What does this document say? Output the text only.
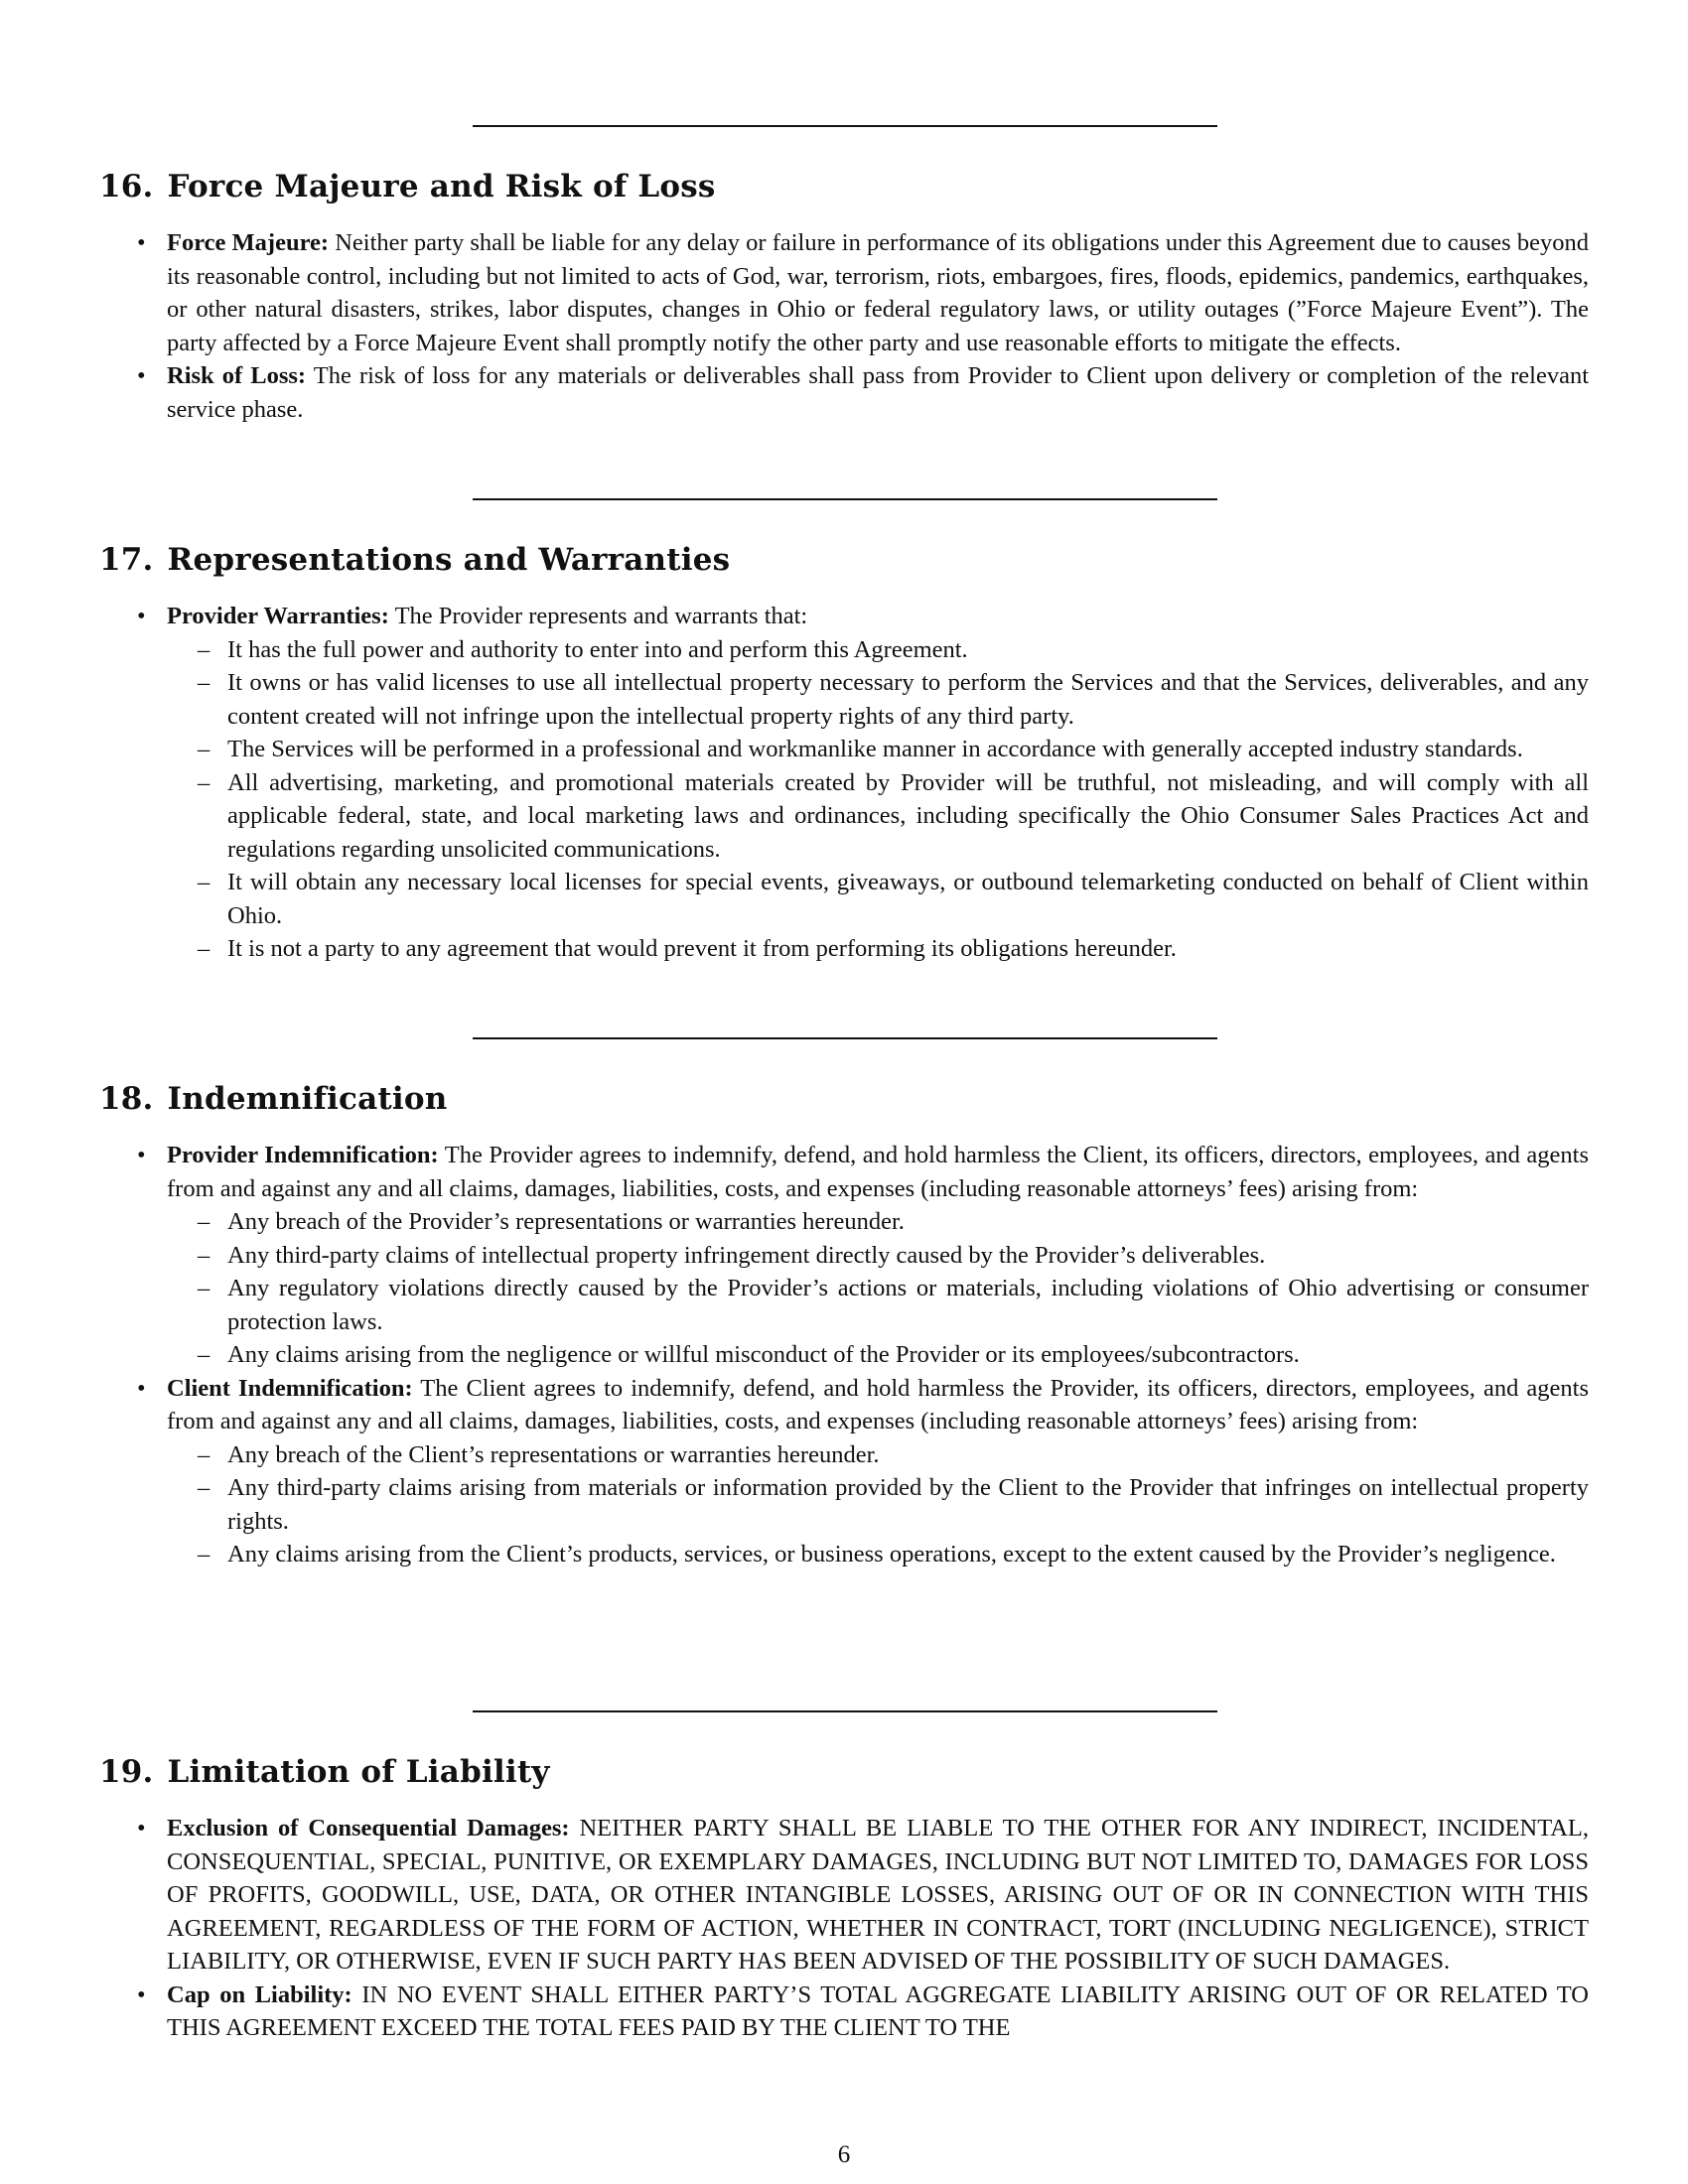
16. Force Majeure and Risk of Loss

• Force Majeure: Neither party shall be liable for any delay or failure in performance of its obligations under this Agreement due to causes beyond its reasonable control, including but not limited to acts of God, war, terrorism, riots, embargoes, fires, floods, epidemics, pandemics, earthquakes, or other natural disasters, strikes, labor disputes, changes in Ohio or federal regulatory laws, or utility outages (”Force Majeure Event”). The party affected by a Force Majeure Event shall promptly notify the other party and use reasonable efforts to mitigate the effects.

• Risk of Loss: The risk of loss for any materials or deliverables shall pass from Provider to Client upon delivery or completion of the relevant service phase.

17. Representations and Warranties

• Provider Warranties: The Provider represents and warrants that:

– It has the full power and authority to enter into and perform this Agreement.
– It owns or has valid licenses to use all intellectual property necessary to perform the Services and that the Services, deliverables, and any content created will not infringe upon the intellectual property rights of any third party.
– The Services will be performed in a professional and workmanlike manner in accordance with generally accepted industry standards.
– All advertising, marketing, and promotional materials created by Provider will be truthful, not misleading, and will comply with all applicable federal, state, and local marketing laws and ordinances, including specifically the Ohio Consumer Sales Practices Act and regulations regarding unsolicited communications.
– It will obtain any necessary local licenses for special events, giveaways, or outbound telemarketing conducted on behalf of Client within Ohio.
– It is not a party to any agreement that would prevent it from performing its obligations hereunder.
18. Indemnification

• Provider Indemnification: The Provider agrees to indemnify, defend, and hold harmless the Client, its officers, directors, employees, and agents from and against any and all claims, damages, liabilities, costs, and expenses (including reasonable attorneys’ fees) arising from:

– Any breach of the Provider’s representations or warranties hereunder.
– Any third-party claims of intellectual property infringement directly caused by the Provider’s deliverables.
– Any regulatory violations directly caused by the Provider’s actions or materials, including violations of Ohio advertising or consumer protection laws.
– Any claims arising from the negligence or willful misconduct of the Provider or its employees/subcontractors.

• Client Indemnification: The Client agrees to indemnify, defend, and hold harmless the Provider, its officers, directors, employees, and agents from and against any and all claims, damages, liabilities, costs, and expenses (including reasonable attorneys’ fees) arising from:

– Any breach of the Client’s representations or warranties hereunder.
– Any third-party claims arising from materials or information provided by the Client to the Provider that infringes on intellectual property rights.
– Any claims arising from the Client’s products, services, or business operations, except to the extent caused by the Provider’s negligence.
19. Limitation of Liability

• Exclusion of Consequential Damages: NEITHER PARTY SHALL BE LIABLE TO THE OTHER FOR ANY INDIRECT, INCIDENTAL, CONSEQUENTIAL, SPECIAL, PUNITIVE, OR EXEMPLARY DAMAGES, INCLUDING BUT NOT LIMITED TO, DAMAGES FOR LOSS OF PROFITS, GOODWILL, USE, DATA, OR OTHER INTANGIBLE LOSSES, ARISING OUT OF OR IN CONNECTION WITH THIS AGREEMENT, REGARDLESS OF THE FORM OF ACTION, WHETHER IN CONTRACT, TORT (INCLUDING NEGLIGENCE), STRICT LIABILITY, OR OTHERWISE, EVEN IF SUCH PARTY HAS BEEN ADVISED OF THE POSSIBILITY OF SUCH DAMAGES.

• Cap on Liability: IN NO EVENT SHALL EITHER PARTY’S TOTAL AGGREGATE LIABILITY ARISING OUT OF OR RELATED TO THIS AGREEMENT EXCEED THE TOTAL FEES PAID BY THE CLIENT TO THE

6
